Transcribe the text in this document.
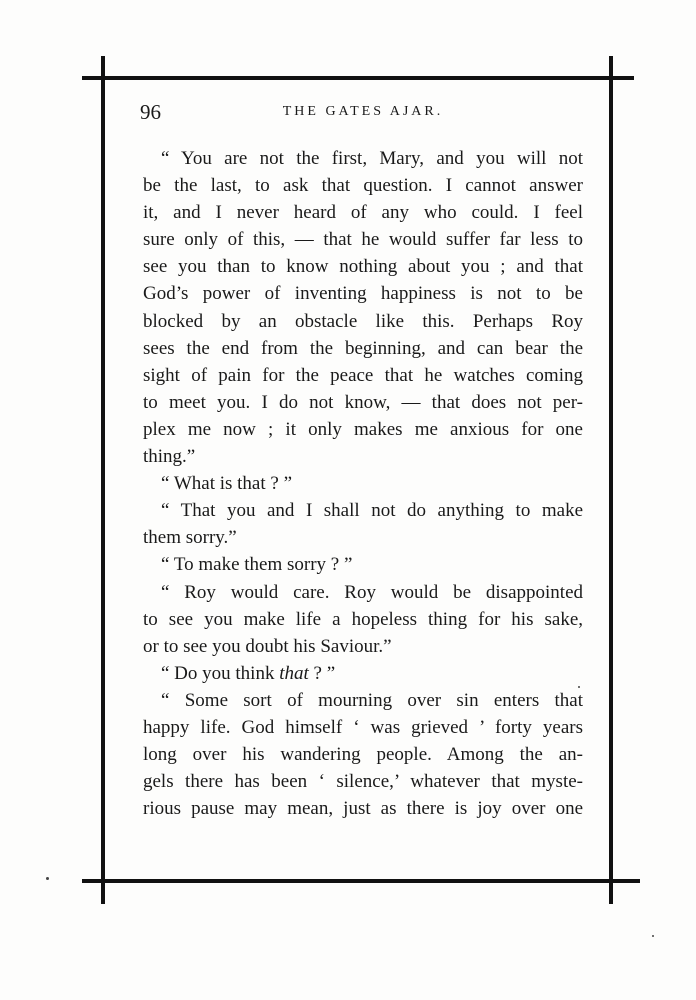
96	THE GATES AJAR.
“ You are not the first, Mary, and you will not
be the last, to ask that question. I cannot answer
it, and I never heard of any who could. I feel
sure only of this, — that he would suffer far less to
see you than to know nothing about you ; and that
God’s power of inventing happiness is not to be
blocked by an obstacle like this. Perhaps Roy
sees the end from the beginning, and can bear the
sight of pain for the peace that he watches coming
to meet you. I do not know, — that does not per-
plex me now ; it only makes me anxious for one
thing.”
“ What is that ? ”
“ That you and I shall not do anything to make
them sorry.”
“ To make them sorry ? ”
“ Roy would care. Roy would be disappointed
to see you make life a hopeless thing for his sake,
or to see you doubt his Saviour.”
“ Do you think that ? ”
“ Some sort of mourning over sin enters that
happy life. God himself ‘ was grieved ’ forty years
long over his wandering people. Among the an-
gels there has been ‘ silence,’ whatever that myste-
rious pause may mean, just as there is joy over one
